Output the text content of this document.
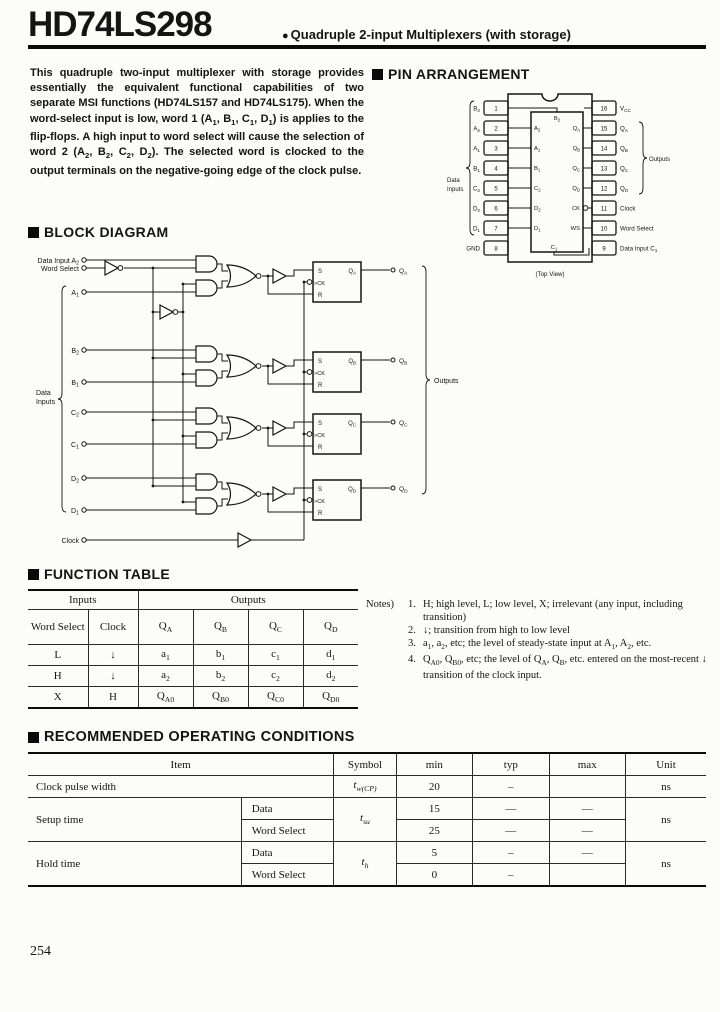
HD74LS298	● Quadruple 2-input Multiplexers (with storage)

This quadruple two-input multiplexer with storage provides essentially the equivalent functional capabilities of two separate MSI functions (HD74LS157 and HD74LS175). When the word-select input is low, word 1 ($A_1$, $B_1$, $C_1$, $D_1$) is applies to the flip-flops. A high input to word select will cause the selection of word 2 ($A_2$, $B_2$, $C_2$, $D_2$). The selected word is clocked to the output terminals on the negative-going edge of the clock pulse.

PIN ARRANGEMENT
1
$B_2$	16 $V_{CC}$
2
$A_2$	15 $Q_A$
3
$A_1$	14 $Q_B$
4
$B_1$	13 $Q_C$
5
$C_2$	12 $Q_D$
6
$D_2$	11 Clock
7
$D_1$	10 Word Select
8
GND	9 Data Input $C_1$
$A_2$	$Q_A$
$A_1$	$Q_B$
$B_1$	$Q_C$
$C_2$	$Q_D$
$D_2$	CK
$D_1$	WS
$B_2$
$C_1$
Data
Inputs
Outputs
(Top View)
BLOCK DIAGRAM
Word Select
Clock
Data
Inputs
Outputs
Data Input $A_2$
$A_1$
S
>CK
R
$Q_A$	$Q_A$
$B_2$
$B_1$
S
>CK
R
$Q_B$	$Q_B$
$C_2$
$C_1$
S
>CK
R
$Q_C$	$Q_C$
$D_2$
$D_1$
S
>CK
R
$Q_D$	$Q_D$
FUNCTION TABLE
Inputs		Outputs			
Word Select	Clock	$Q_A$	$Q_B$	$Q_C$	$Q_D$
L	↓	$a_1$	$b_1$	$c_1$	$d_1$
H	↓	$a_2$	$b_2$	$c_2$	$d_2$
X	H	$Q_{A0}$	$Q_{B0}$	$Q_{C0}$	$Q_{D0}$
Notes) 1. H; high level, L; low level, X; irrelevant (any input, including transition)
2. ↓; transition from high to low level
3. $a_1$, $a_2$, etc; the level of steady-state input at $A_1$, $A_2$, etc.
4. $Q_{A0}$, $Q_{B0}$, etc; the level of $Q_A$, $Q_B$, etc. entered on the most-recent ↓ transition of the clock input.
RECOMMENDED OPERATING CONDITIONS
Item		Symbol	min	typ	max	Unit
Clock pulse width		$t_{w(CP)}$	20	–		ns
Setup time	Data	$t_{su}$	15	—	—	ns
	Word Select		25	—	—	
Hold time	Data	$t_h$	5	–	—	ns
	Word Select		0	–		
254
